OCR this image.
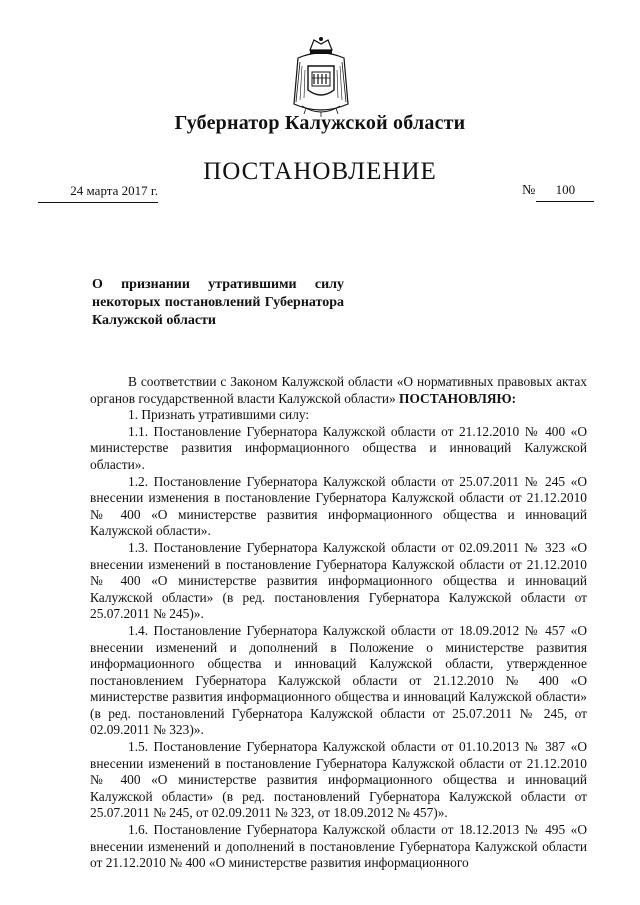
Губернатор Калужской области
ПОСТАНОВЛЕНИЕ
24 марта 2017 г.	№ 100
О признании утратившими силу
некоторых постановлений Губернатора Калужской области

В соответствии с Законом Калужской области «О нормативных правовых актах органов государственной власти Калужской области» ПОСТАНОВЛЯЮ:

1. Признать утратившими силу:

1.1. Постановление Губернатора Калужской области от 21.12.2010 № 400 «О министерстве развития информационного общества и инноваций Калужской области».

1.2. Постановление Губернатора Калужской области от 25.07.2011 № 245 «О внесении изменения в постановление Губернатора Калужской области от 21.12.2010 № 400 «О министерстве развития информационного общества и инноваций Калужской области».

1.3. Постановление Губернатора Калужской области от 02.09.2011 № 323 «О внесении изменений в постановление Губернатора Калужской области от 21.12.2010 № 400 «О министерстве развития информационного общества и инноваций Калужской области» (в ред. постановления Губернатора Калужской области от 25.07.2011 № 245)».

1.4. Постановление Губернатора Калужской области от 18.09.2012 № 457 «О внесении изменений и дополнений в Положение о министерстве развития информационного общества и инноваций Калужской области, утвержденное постановлением Губернатора Калужской области от 21.12.2010 № 400 «О министерстве развития информационного общества и инноваций Калужской области» (в ред. постановлений Губернатора Калужской области от 25.07.2011 № 245, от 02.09.2011 № 323)».

1.5. Постановление Губернатора Калужской области от 01.10.2013 № 387 «О внесении изменений в постановление Губернатора Калужской области от 21.12.2010 № 400 «О министерстве развития информационного общества и инноваций Калужской области» (в ред. постановлений Губернатора Калужской области от 25.07.2011 № 245, от 02.09.2011 № 323, от 18.09.2012 № 457)».

1.6. Постановление Губернатора Калужской области от 18.12.2013 № 495 «О внесении изменений и дополнений в постановление Губернатора Калужской области от 21.12.2010 № 400 «О министерстве развития информационного
